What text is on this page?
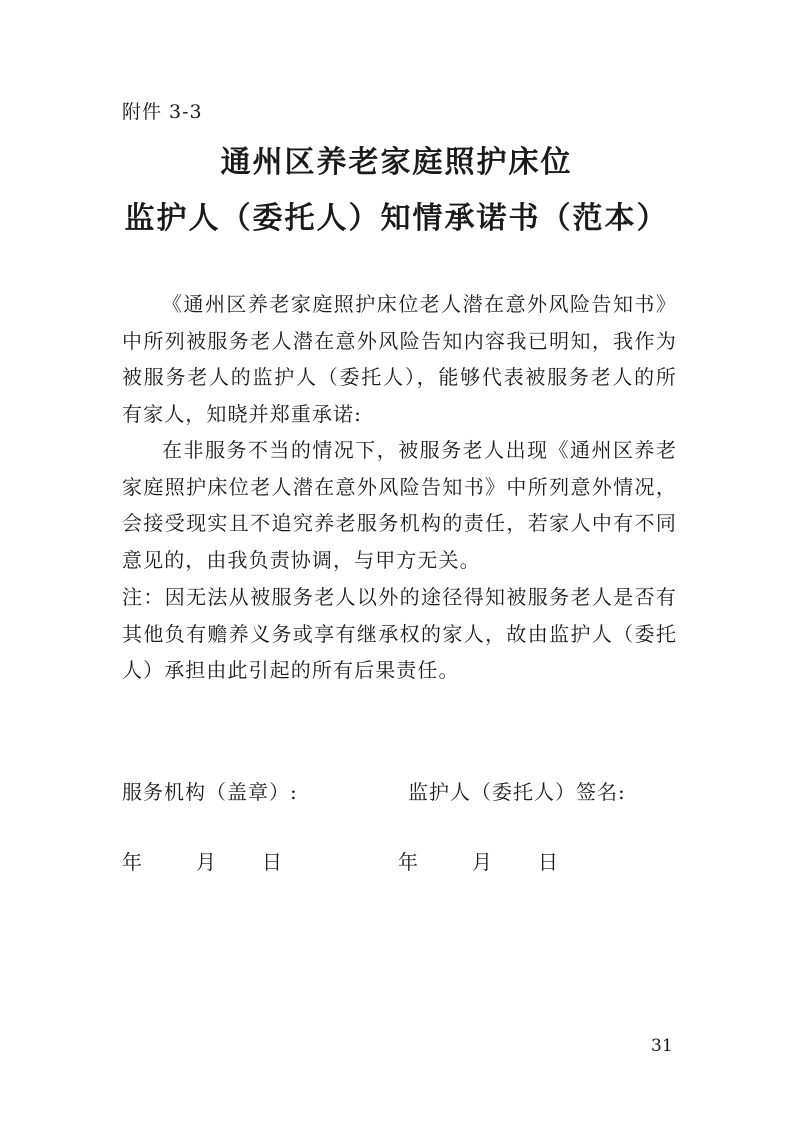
附件 3-3
通州区养老家庭照护床位
监护人（委托人）知情承诺书（范本）
《通州区养老家庭照护床位老人潜在意外风险告知书》中所列被服务老人潜在意外风险告知内容我已明知，我作为被服务老人的监护人（委托人），能够代表被服务老人的所有家人，知晓并郑重承诺:
在非服务不当的情况下，被服务老人出现《通州区养老家庭照护床位老人潜在意外风险告知书》中所列意外情况，会接受现实且不追究养老服务机构的责任，若家人中有不同意见的，由我负责协调，与甲方无关。
注：因无法从被服务老人以外的途径得知被服务老人是否有其他负有赡养义务或享有继承权的家人，故由监护人（委托人）承担由此引起的所有后果责任。
服务机构（盖章）:	监护人（委托人）签名:
年	月 日	年	月 日
31
